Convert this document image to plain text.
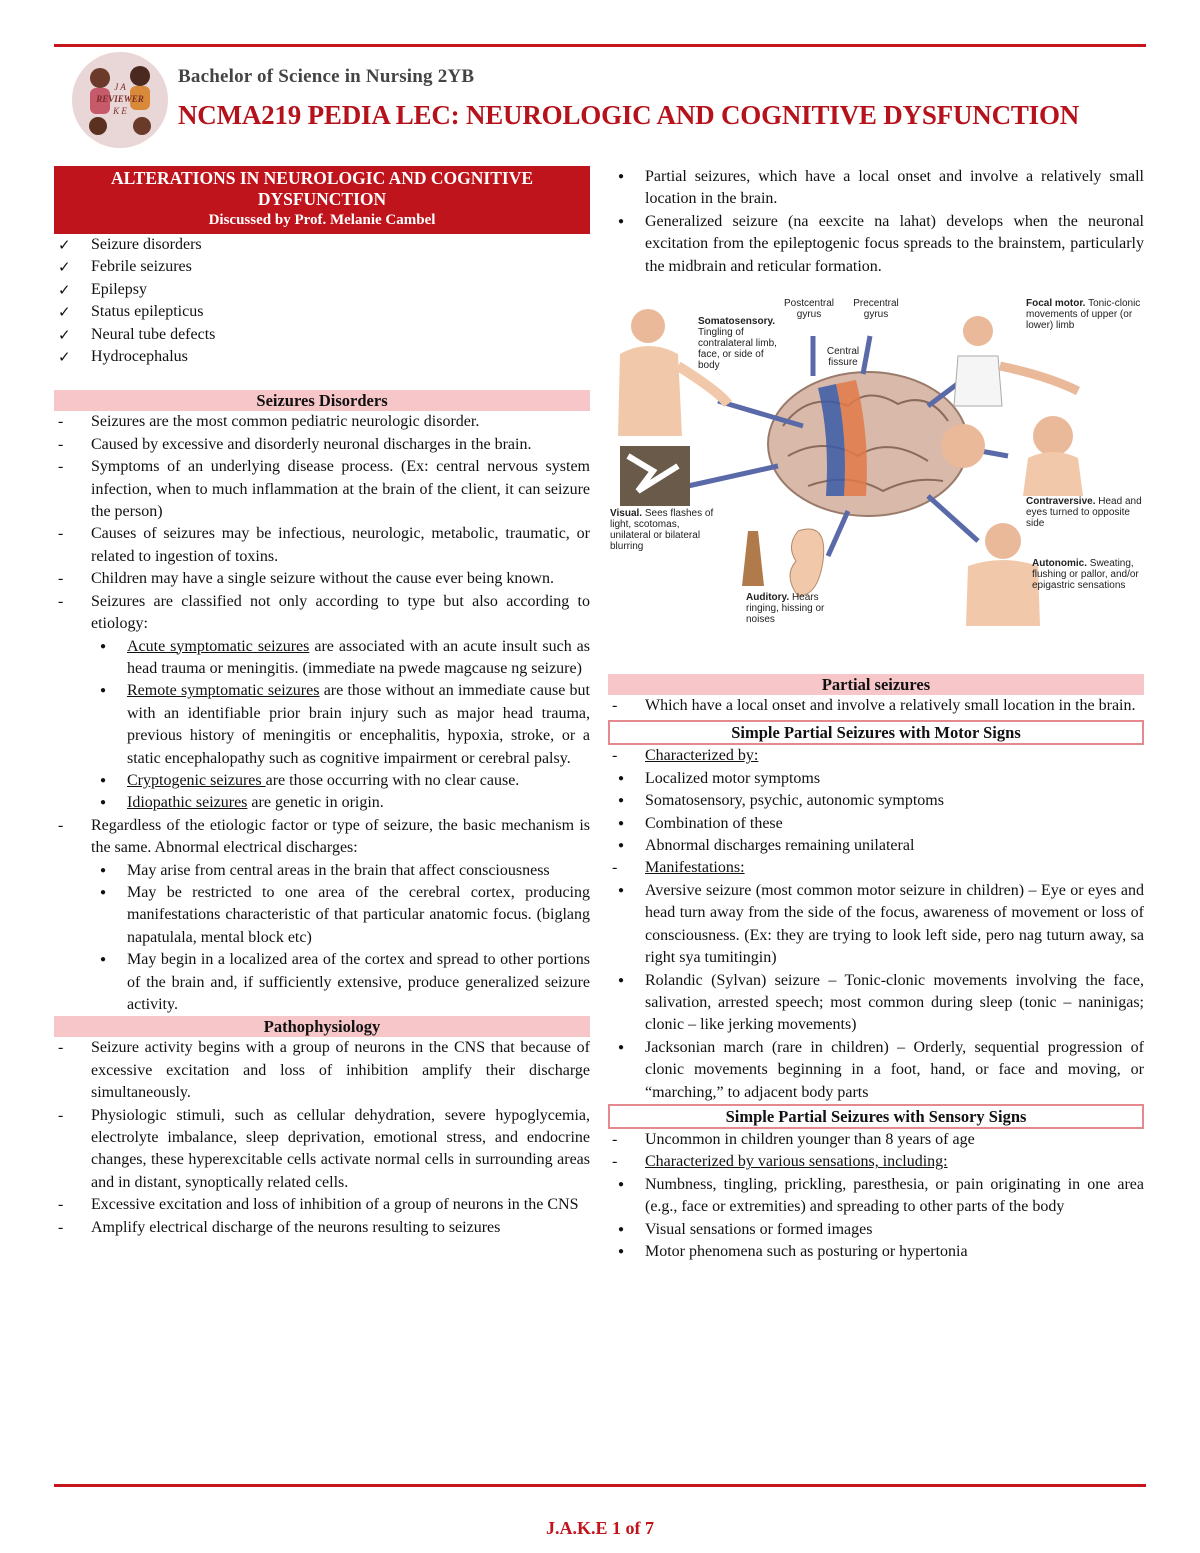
J A
REVIEWER
K E
Bachelor of Science in Nursing 2YB
NCMA219 PEDIA LEC: NEUROLOGIC AND COGNITIVE DYSFUNCTION
ALTERATIONS IN NEUROLOGIC AND COGNITIVE DYSFUNCTION
Discussed by Prof. Melanie Cambel
✓ Seizure disorders
✓ Febrile seizures
✓ Epilepsy
✓ Status epilepticus
✓ Neural tube defects
✓ Hydrocephalus
Seizures Disorders
- Seizures are the most common pediatric neurologic disorder.
- Caused by excessive and disorderly neuronal discharges in the brain.
- Symptoms of an underlying disease process. (Ex: central nervous system infection, when to much inflammation at the brain of the client, it can seizure the person)
- Causes of seizures may be infectious, neurologic, metabolic, traumatic, or related to ingestion of toxins.
- Children may have a single seizure without the cause ever being known.
- Seizures are classified not only according to type but also according to etiology:
● Acute symptomatic seizures are associated with an acute insult such as head trauma or meningitis. (immediate na pwede magcause ng seizure)
● Remote symptomatic seizures are those without an immediate cause but with an identifiable prior brain injury such as major head trauma, previous history of meningitis or encephalitis, hypoxia, stroke, or a static encephalopathy such as cognitive impairment or cerebral palsy.
● Cryptogenic seizures are those occurring with no clear cause.
● Idiopathic seizures are genetic in origin.
- Regardless of the etiologic factor or type of seizure, the basic mechanism is the same. Abnormal electrical discharges:
● May arise from central areas in the brain that affect consciousness
● May be restricted to one area of the cerebral cortex, producing manifestations characteristic of that particular anatomic focus. (biglang napatulala, mental block etc)
● May begin in a localized area of the cortex and spread to other portions of the brain and, if sufficiently extensive, produce generalized seizure activity.
Pathophysiology
- Seizure activity begins with a group of neurons in the CNS that because of excessive excitation and loss of inhibition amplify their discharge simultaneously.
- Physiologic stimuli, such as cellular dehydration, severe hypoglycemia, electrolyte imbalance, sleep deprivation, emotional stress, and endocrine changes, these hyperexcitable cells activate normal cells in surrounding areas and in distant, synoptically related cells.
- Excessive excitation and loss of inhibition of a group of neurons in the CNS
- Amplify electrical discharge of the neurons resulting to seizures
● Partial seizures, which have a local onset and involve a relatively small location in the brain.
● Generalized seizure (na eexcite na lahat) develops when the neuronal excitation from the epileptogenic focus spreads to the brainstem, particularly the midbrain and reticular formation.
Postcentral gyrus
Precentral gyrus
Central fissure
Somatosensory. Tingling of contralateral limb, face, or side of body
Focal motor. Tonic-clonic movements of upper (or lower) limb
Visual. Sees flashes of light, scotomas, unilateral or bilateral blurring
Contraversive. Head and eyes turned to opposite side
Auditory. Hears ringing, hissing or noises
Autonomic. Sweating, flushing or pallor, and/or epigastric sensations
Partial seizures
- Which have a local onset and involve a relatively small location in the brain.
Simple Partial Seizures with Motor Signs
- Characterized by:
● Localized motor symptoms
● Somatosensory, psychic, autonomic symptoms
● Combination of these
● Abnormal discharges remaining unilateral
- Manifestations:
● Aversive seizure (most common motor seizure in children) – Eye or eyes and head turn away from the side of the focus, awareness of movement or loss of consciousness. (Ex: they are trying to look left side, pero nag tuturn away, sa right sya tumitingin)
● Rolandic (Sylvan) seizure – Tonic-clonic movements involving the face, salivation, arrested speech; most common during sleep (tonic – naninigas; clonic – like jerking movements)
● Jacksonian march (rare in children) – Orderly, sequential progression of clonic movements beginning in a foot, hand, or face and moving, or “marching,” to adjacent body parts
Simple Partial Seizures with Sensory Signs
- Uncommon in children younger than 8 years of age
- Characterized by various sensations, including:
● Numbness, tingling, prickling, paresthesia, or pain originating in one area (e.g., face or extremities) and spreading to other parts of the body
● Visual sensations or formed images
● Motor phenomena such as posturing or hypertonia
J.A.K.E 1 of 7
